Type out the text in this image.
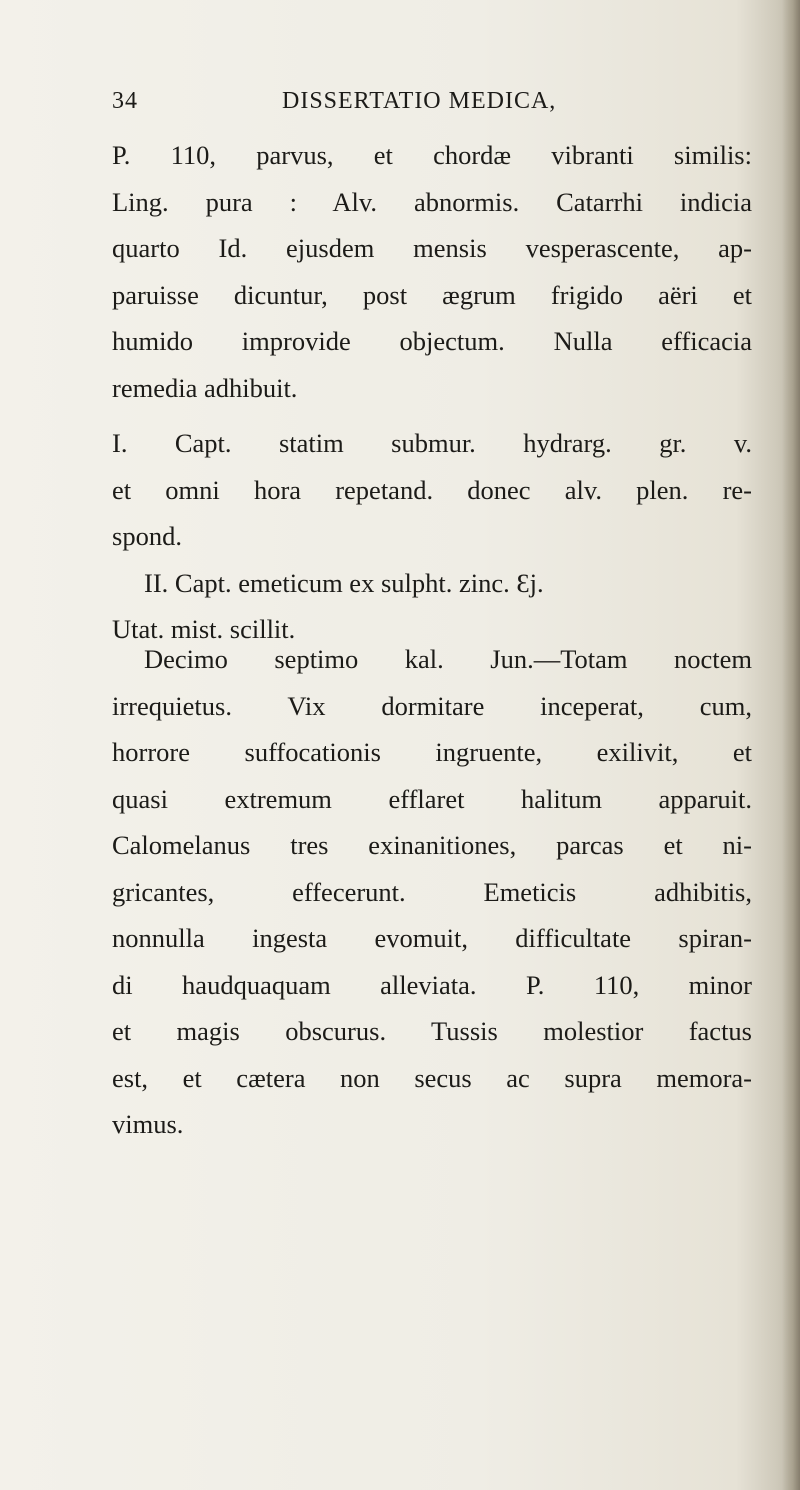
34	DISSERTATIO MEDICA,
P. 110, parvus, et chordæ vibranti similis:
Ling. pura : Alv. abnormis. Catarrhi indicia
quarto Id. ejusdem mensis vesperascente, ap-
paruisse dicuntur, post ægrum frigido aëri et
humido improvide objectum. Nulla efficacia
remedia adhibuit.
I. Capt. statim submur. hydrarg. gr. v.
et omni hora repetand. donec alv. plen. re-
spond.
II. Capt. emeticum ex sulpht. zinc. Ɛj.
Utat. mist. scillit.
Decimo septimo kal. Jun.—Totam noctem
irrequietus. Vix dormitare inceperat, cum,
horrore suffocationis ingruente, exilivit, et
quasi extremum efflaret halitum apparuit.
Calomelanus tres exinanitiones, parcas et ni-
gricantes, effecerunt. Emeticis adhibitis,
nonnulla ingesta evomuit, difficultate spiran-
di haudquaquam alleviata. P. 110, minor
et magis obscurus. Tussis molestior factus
est, et cætera non secus ac supra memora-
vimus.
